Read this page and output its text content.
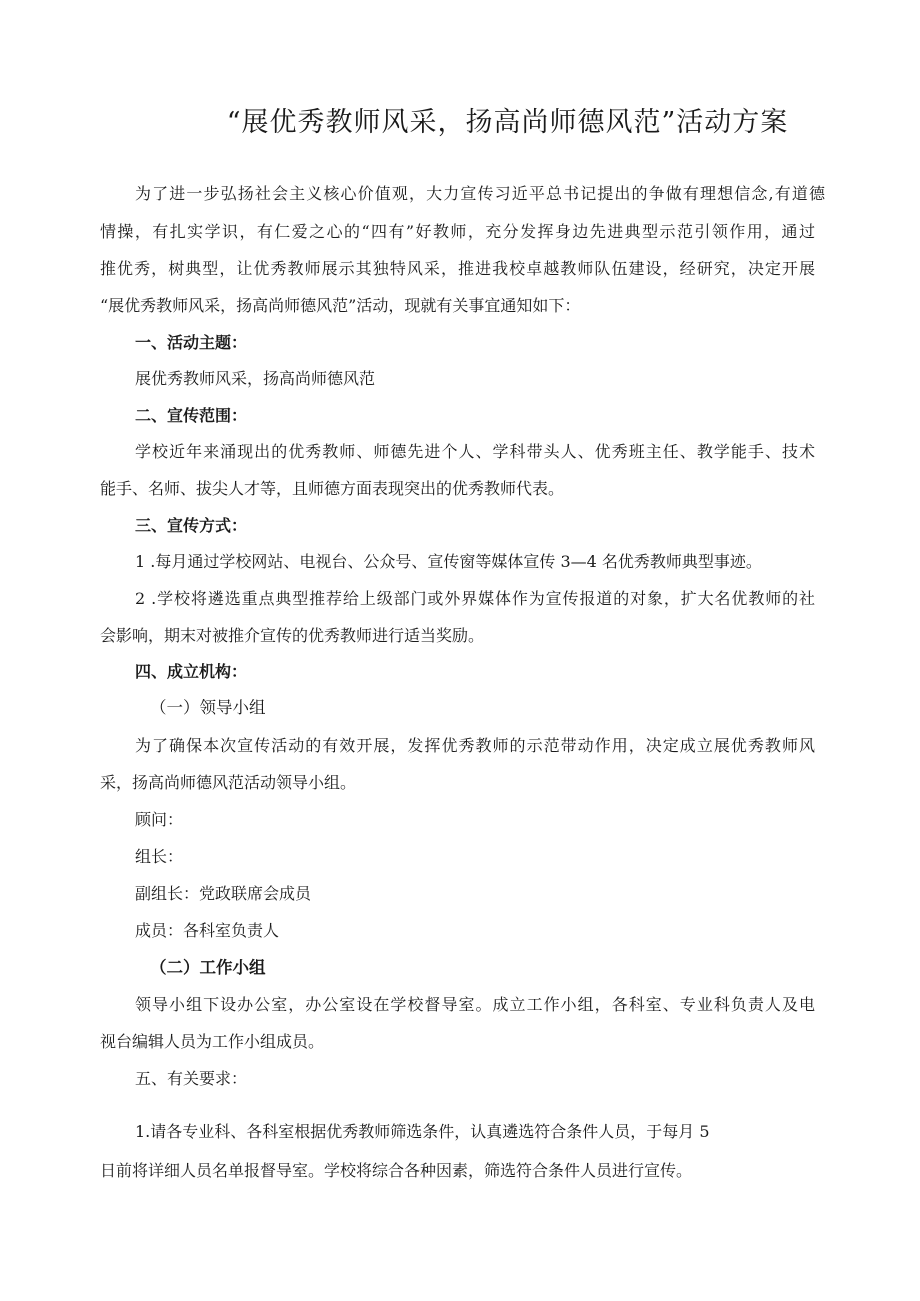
“展优秀教师风采，扬高尚师德风范”活动方案
为了进一步弘扬社会主义核心价值观，大力宣传习近平总书记提出的争做有理想信念,有道德
情操，有扎实学识，有仁爱之心的“四有”好教师，充分发挥身边先进典型示范引领作用，通过
推优秀，树典型，让优秀教师展示其独特风采，推进我校卓越教师队伍建设，经研究，决定开展
“展优秀教师风采，扬高尚师德风范”活动，现就有关事宜通知如下：
一、活动主题：
展优秀教师风采，扬高尚师德风范
二、宣传范围：
学校近年来涌现出的优秀教师、师德先进个人、学科带头人、优秀班主任、教学能手、技术
能手、名师、拔尖人才等，且师德方面表现突出的优秀教师代表。
三、宣传方式：
1 .每月通过学校网站、电视台、公众号、宣传窗等媒体宣传 3—4 名优秀教师典型事迹。
2 .学校将遴选重点典型推荐给上级部门或外界媒体作为宣传报道的对象，扩大名优教师的社
会影响，期末对被推介宣传的优秀教师进行适当奖励。
四、成立机构：
（一）领导小组
为了确保本次宣传活动的有效开展，发挥优秀教师的示范带动作用，决定成立展优秀教师风
采，扬高尚师德风范活动领导小组。
顾问：
组长：
副组长：党政联席会成员
成员：各科室负责人
（二）工作小组
领导小组下设办公室，办公室设在学校督导室。成立工作小组，各科室、专业科负责人及电
视台编辑人员为工作小组成员。
五、有关要求：
1.请各专业科、各科室根据优秀教师筛选条件，认真遴选符合条件人员，于每月 5
日前将详细人员名单报督导室。学校将综合各种因素，筛选符合条件人员进行宣传。
